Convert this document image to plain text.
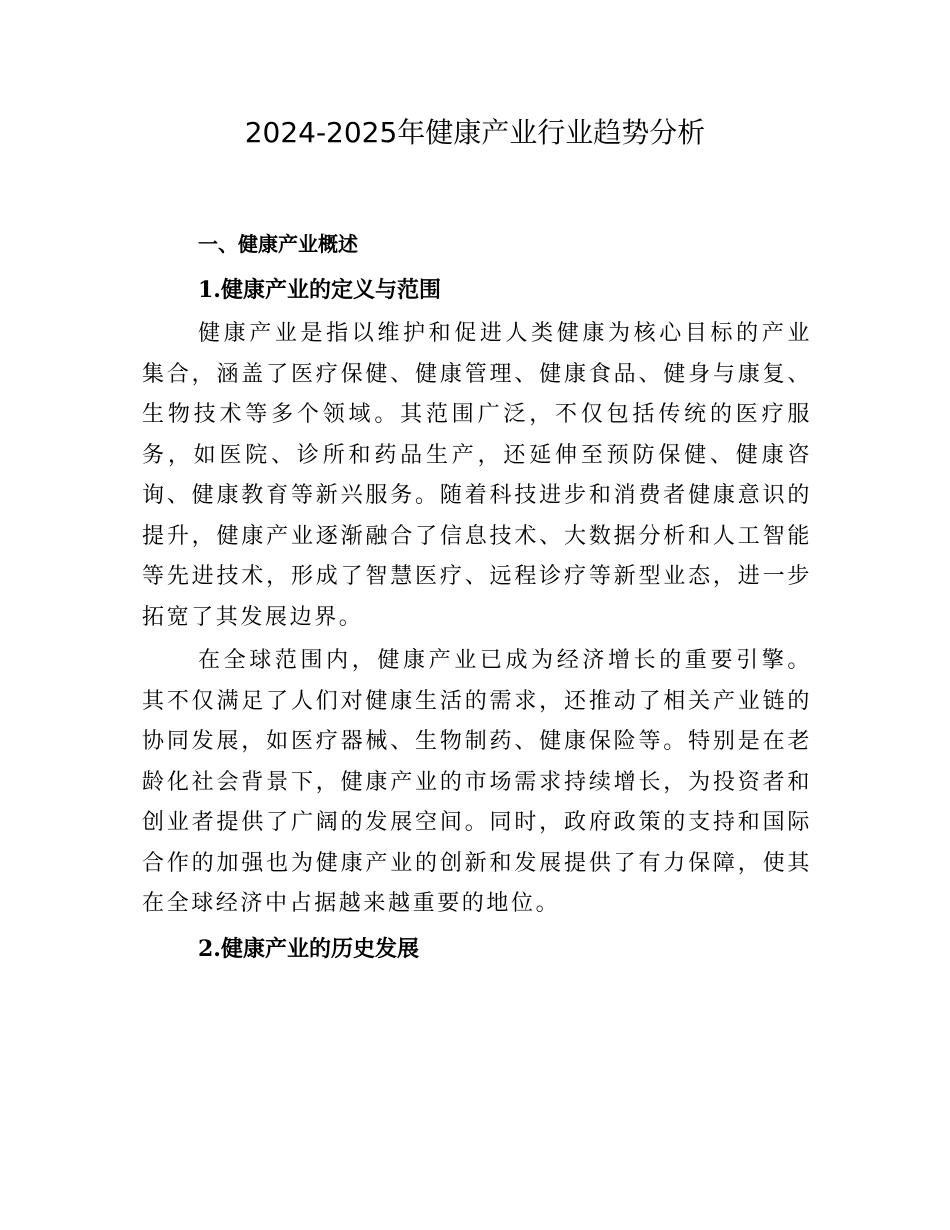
2024-2025年健康产业行业趋势分析
一、健康产业概述
1.健康产业的定义与范围

健康产业是指以维护和促进人类健康为核心目标的产业集合，涵盖了医疗保健、健康管理、健康食品、健身与康复、生物技术等多个领域。其范围广泛，不仅包括传统的医疗服务，如医院、诊所和药品生产，还延伸至预防保健、健康咨询、健康教育等新兴服务。随着科技进步和消费者健康意识的提升，健康产业逐渐融合了信息技术、大数据分析和人工智能等先进技术，形成了智慧医疗、远程诊疗等新型业态，进一步拓宽了其发展边界。

在全球范围内，健康产业已成为经济增长的重要引擎。其不仅满足了人们对健康生活的需求，还推动了相关产业链的协同发展，如医疗器械、生物制药、健康保险等。特别是在老龄化社会背景下，健康产业的市场需求持续增长，为投资者和创业者提供了广阔的发展空间。同时，政府政策的支持和国际合作的加强也为健康产业的创新和发展提供了有力保障，使其在全球经济中占据越来越重要的地位。

2.健康产业的历史发展
